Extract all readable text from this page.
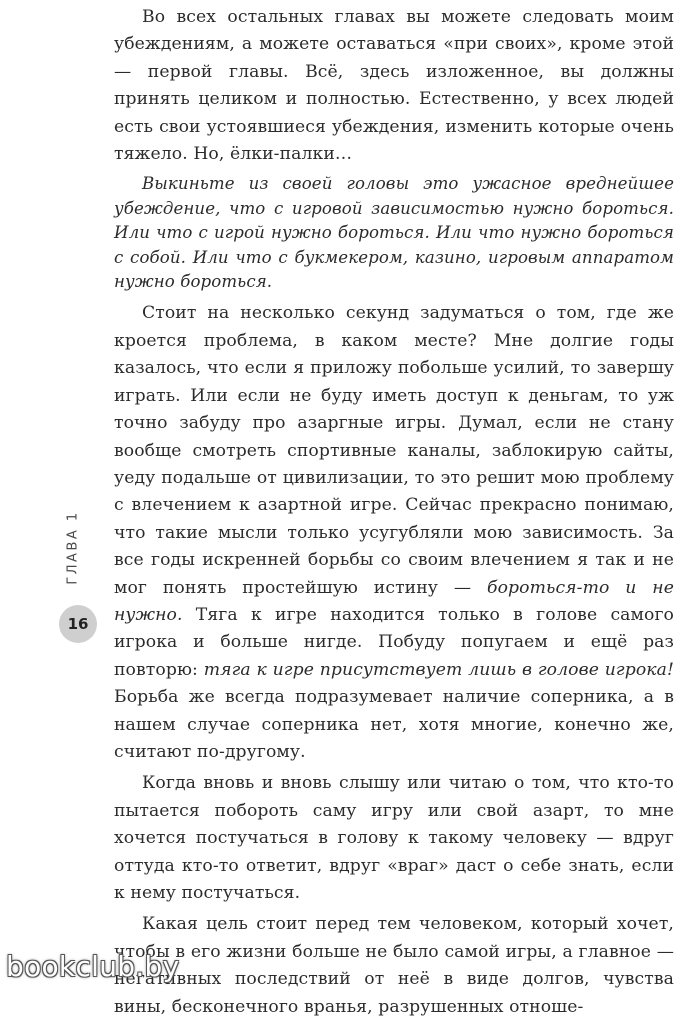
Во всех остальных главах вы можете следовать моим убеждениям, а можете оставаться «при своих», кроме этой — первой главы. Всё, здесь изложенное, вы должны принять целиком и полностью. Естественно, у всех людей есть свои устоявшиеся убеждения, изменить которые очень тяжело. Но, ёлки-палки…

Выкиньте из своей головы это ужасное вреднейшее убеждение, что с игровой зависимостью нужно бороться. Или что с игрой нужно бороться. Или что нужно бороться с собой. Или что с букмекером, казино, игровым аппаратом нужно бороться.

Стоит на несколько секунд задуматься о том, где же кроется проблема, в каком месте? Мне долгие годы казалось, что если я приложу побольше усилий, то завершу играть. Или если не буду иметь доступ к деньгам, то уж точно забуду про азаргные игры. Думал, если не стану вообще смотреть спортивные каналы, заблокирую сайты, уеду подальше от цивилизации, то это решит мою проблему с влечением к азартной игре. Сейчас прекрасно понимаю, что такие мысли только усугубляли мою зависимость. За все годы искренней борьбы со своим влечением я так и не мог понять простейшую истину — бороться-то и не нужно. Тяга к игре находится только в голове самого игрока и больше нигде. Побуду попугаем и ещё раз повторю: тяга к игре присутствует лишь в голове игрока! Борьба же всегда подразумевает наличие соперника, а в нашем случае соперника нет, хотя многие, конечно же, считают по-другому.

Когда вновь и вновь слышу или читаю о том, что кто-то пытается побороть саму игру или свой азарт, то мне хочется постучаться в голову к такому человеку — вдруг оттуда кто-то ответит, вдруг «враг» даст о себе знать, если к нему постучаться.

Какая цель стоит перед тем человеком, который хочет, чтобы в его жизни больше не было самой игры, а главное — негативных последствий от неё в виде долгов, чувства вины, бесконечного вранья, разрушенных отноше-

ГЛАВА 1
16
bookclub.by
